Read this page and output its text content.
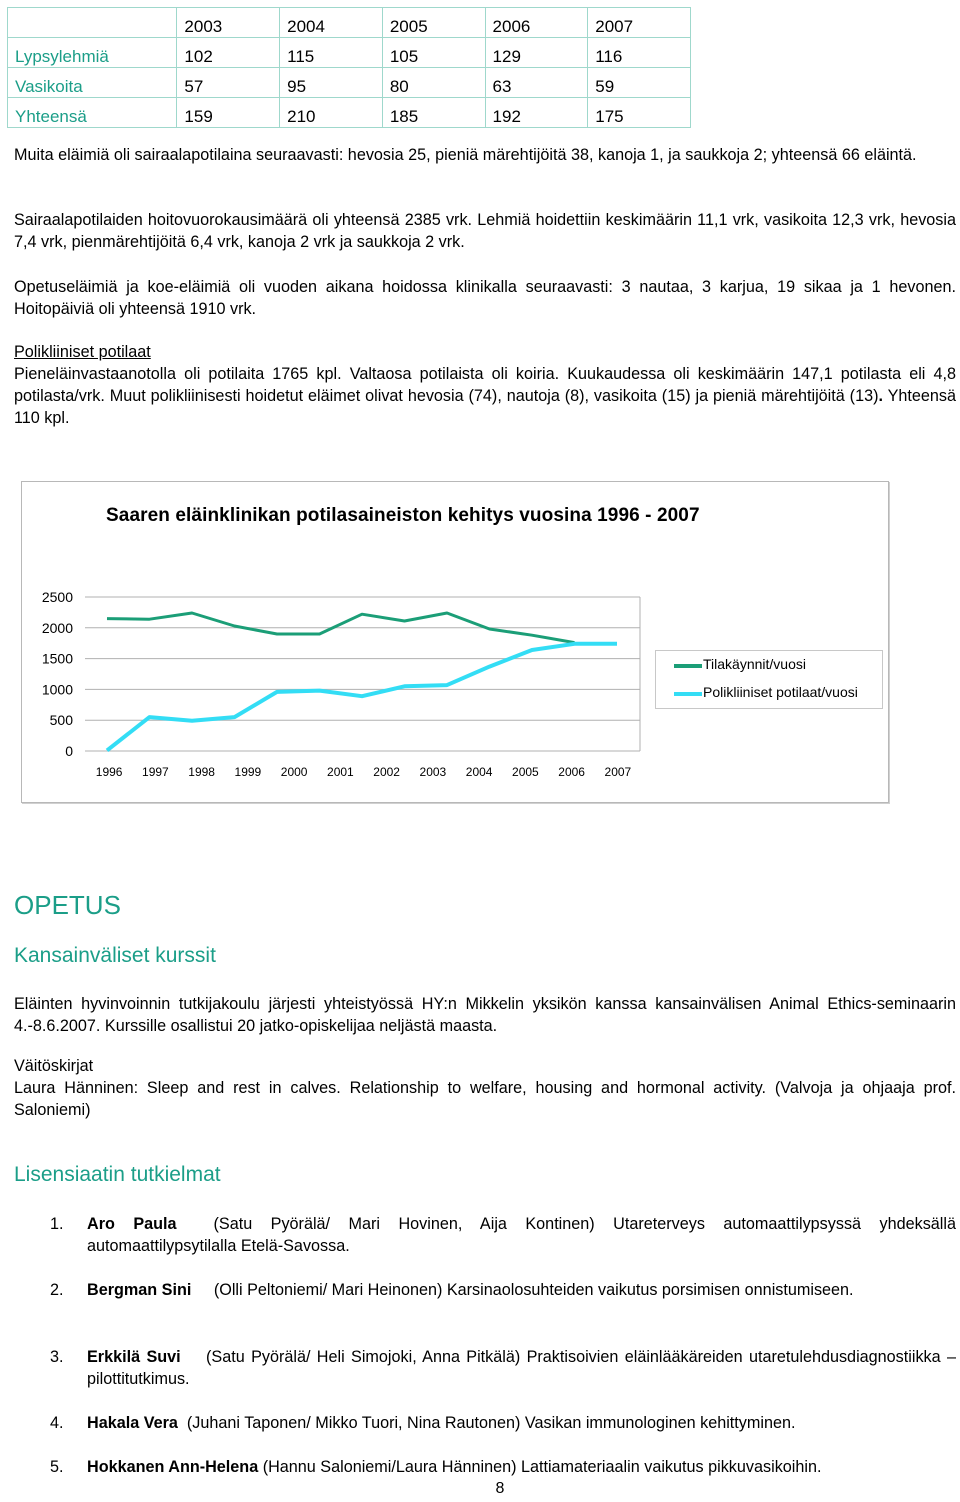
	2003	2004	2005	2006	2007
Lypsylehmiä	102	115	105	129	116
Vasikoita	57	95	80	63	59
Yhteensä	159	210	185	192	175

Muita eläimiä oli sairaalapotilaina seuraavasti: hevosia 25, pieniä märehtijöitä 38, kanoja 1, ja saukkoja 2; yhteensä 66 eläintä.

Sairaalapotilaiden hoitovuorokausimäärä oli yhteensä 2385 vrk. Lehmiä hoidettiin keskimäärin 11,1 vrk, vasikoita 12,3 vrk, hevosia 7,4 vrk, pienmärehtijöitä 6,4 vrk, kanoja 2 vrk ja saukkoja 2 vrk.

Opetuseläimiä ja koe-eläimiä oli vuoden aikana hoidossa klinikalla seuraavasti: 3 nautaa, 3 karjua, 19 sikaa ja 1 hevonen. Hoitopäiviä oli yhteensä 1910 vrk.

Polikliiniset potilaat

Pieneläinvastaanotolla oli potilaita 1765 kpl. Valtaosa potilaista oli koiria. Kuukaudessa oli keskimäärin 147,1 potilasta eli 4,8 potilasta/vrk. Muut polikliinisesti hoidetut eläimet olivat hevosia (74), nautoja (8), vasikoita (15) ja pieniä märehtijöitä (13). Yhteensä 110 kpl.

Saaren eläinklinikan potilasaineiston kehitys vuosina 1996 - 2007
0
500
1000
1500
2000
2500
1996 1997 1998 1999 2000 2001 2002 2003 2004 2005 2006 2007
Tilakäynnit/vuosi
Polikliiniset potilaat/vuosi
OPETUS
Kansainväliset kurssit

Eläinten hyvinvoinnin tutkijakoulu järjesti yhteistyössä HY:n Mikkelin yksikön kanssa kansainvälisen Animal Ethics-seminaarin 4.-8.6.2007. Kurssille osallistui 20 jatko-opiskelijaa neljästä maasta.

Väitöskirjat

Laura Hänninen: Sleep and rest in calves. Relationship to welfare, housing and hormonal activity. (Valvoja ja ohjaaja prof. Saloniemi)

Lisensiaatin tutkielmat
1. Aro Paula (Satu Pyörälä/ Mari Hovinen, Aija Kontinen) Utareterveys automaattilypsyssä yhdeksällä automaattilypsytilalla Etelä-Savossa.
2. Bergman Sini (Olli Peltoniemi/ Mari Heinonen) Karsinaolosuhteiden vaikutus porsimisen onnistumiseen.
3. Erkkilä Suvi (Satu Pyörälä/ Heli Simojoki, Anna Pitkälä) Praktisoivien eläinlääkäreiden utaretulehdusdiagnostiikka – pilottitutkimus.
4. Hakala Vera (Juhani Taponen/ Mikko Tuori, Nina Rautonen) Vasikan immunologinen kehittyminen.
5. Hokkanen Ann-Helena (Hannu Saloniemi/Laura Hänninen) Lattiamateriaalin vaikutus pikkuvasikoihin.
8
